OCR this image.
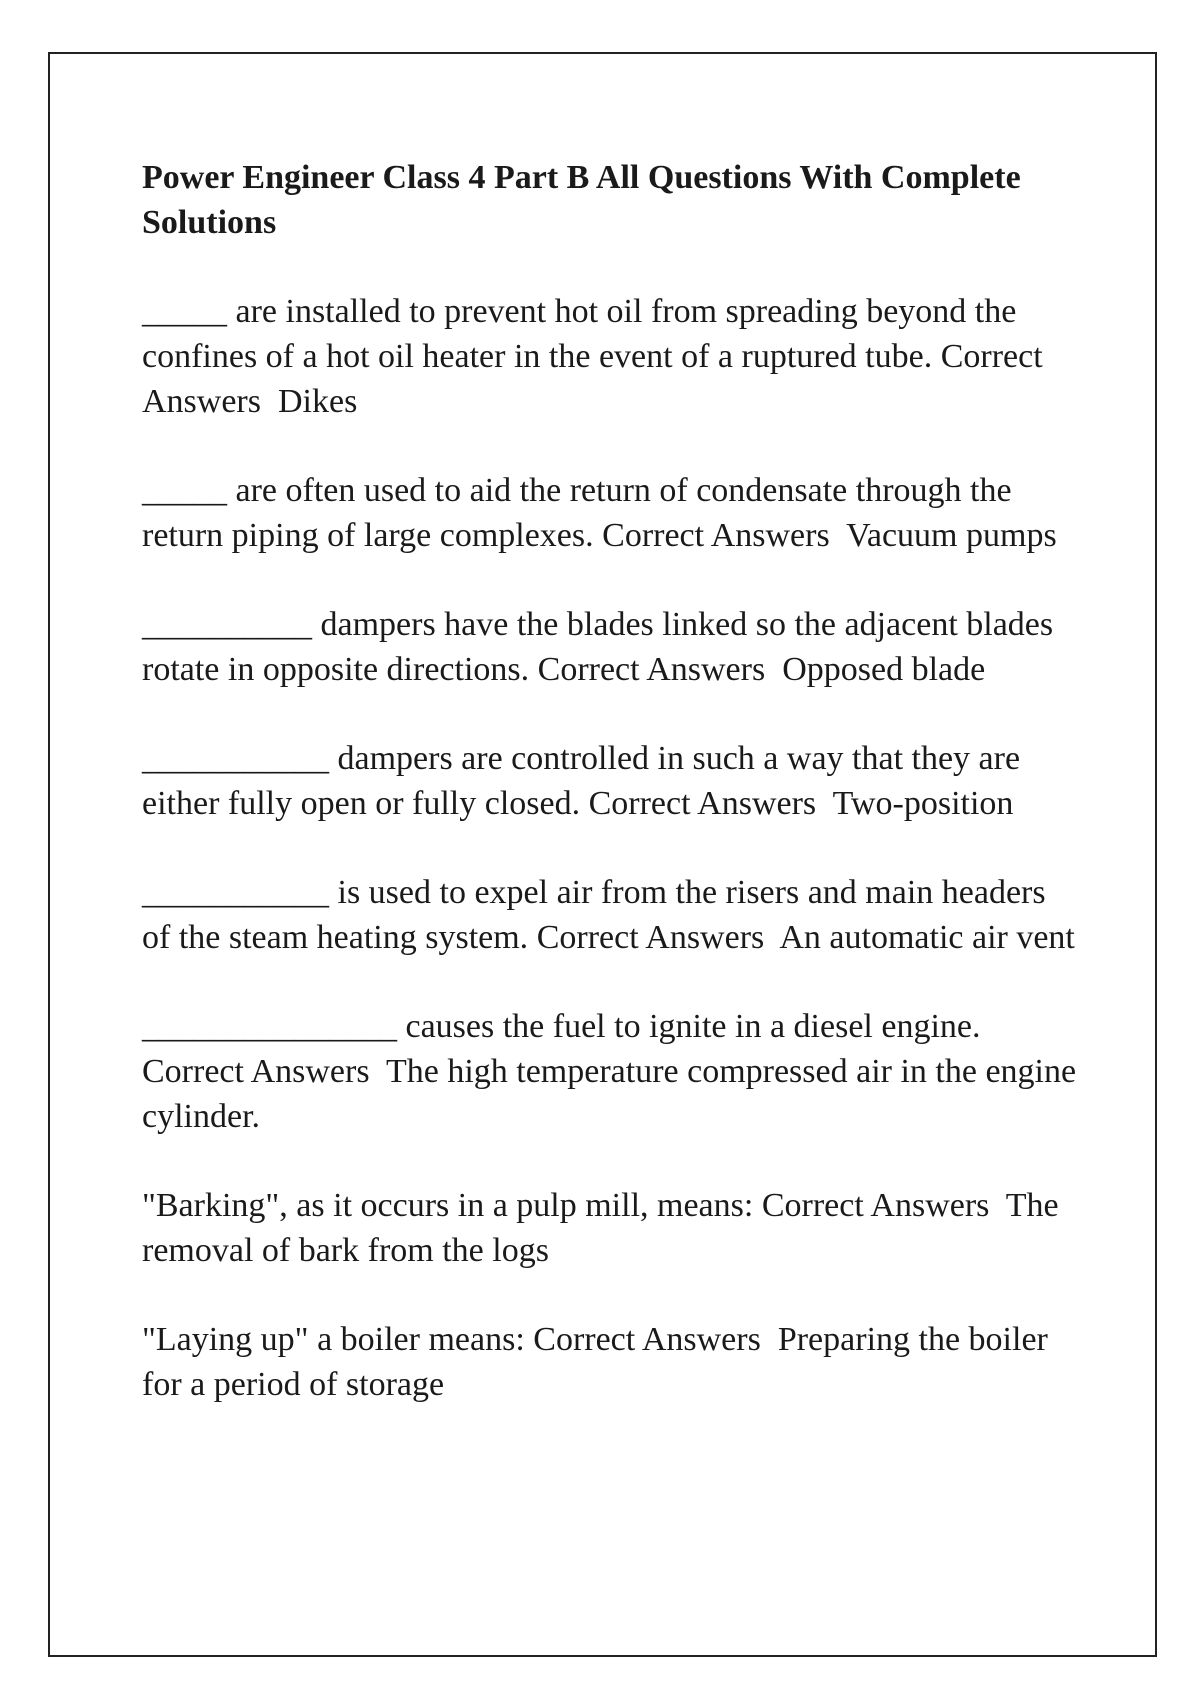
Power Engineer Class 4 Part B All Questions With Complete Solutions
_____ are installed to prevent hot oil from spreading beyond the confines of a hot oil heater in the event of a ruptured tube. Correct Answers Dikes
_____ are often used to aid the return of condensate through the return piping of large complexes. Correct Answers Vacuum pumps
__________ dampers have the blades linked so the adjacent blades rotate in opposite directions. Correct Answers Opposed blade
___________ dampers are controlled in such a way that they are either fully open or fully closed. Correct Answers Two-position
___________ is used to expel air from the risers and main headers of the steam heating system. Correct Answers An automatic air vent
_______________ causes the fuel to ignite in a diesel engine. Correct Answers The high temperature compressed air in the engine cylinder.
"Barking", as it occurs in a pulp mill, means: Correct Answers The removal of bark from the logs
"Laying up" a boiler means: Correct Answers Preparing the boiler for a period of storage
